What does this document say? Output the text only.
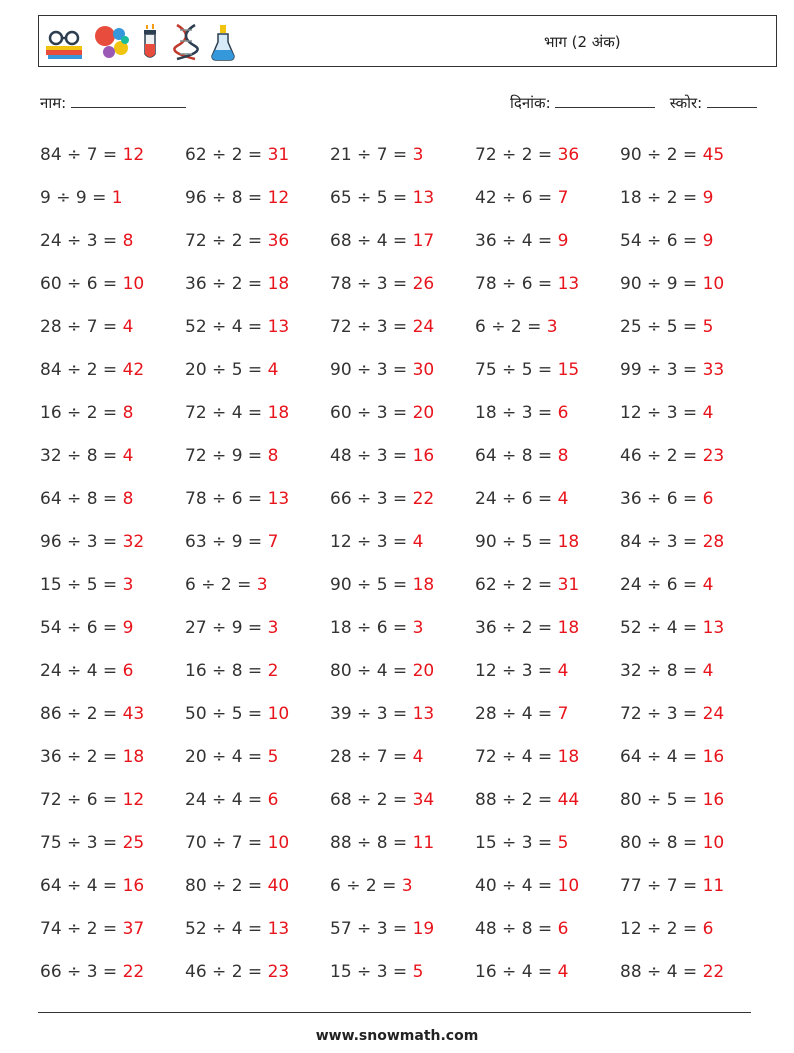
भाग (2 अंक)
नाम:	दिनांक:	स्कोर:
84 ÷ 7 = 12	62 ÷ 2 = 31	21 ÷ 7 = 3	72 ÷ 2 = 36	90 ÷ 2 = 45
9 ÷ 9 = 1	96 ÷ 8 = 12	65 ÷ 5 = 13	42 ÷ 6 = 7	18 ÷ 2 = 9
24 ÷ 3 = 8	72 ÷ 2 = 36	68 ÷ 4 = 17	36 ÷ 4 = 9	54 ÷ 6 = 9
60 ÷ 6 = 10	36 ÷ 2 = 18	78 ÷ 3 = 26	78 ÷ 6 = 13	90 ÷ 9 = 10
28 ÷ 7 = 4	52 ÷ 4 = 13	72 ÷ 3 = 24	6 ÷ 2 = 3	25 ÷ 5 = 5
84 ÷ 2 = 42	20 ÷ 5 = 4	90 ÷ 3 = 30	75 ÷ 5 = 15	99 ÷ 3 = 33
16 ÷ 2 = 8	72 ÷ 4 = 18	60 ÷ 3 = 20	18 ÷ 3 = 6	12 ÷ 3 = 4
32 ÷ 8 = 4	72 ÷ 9 = 8	48 ÷ 3 = 16	64 ÷ 8 = 8	46 ÷ 2 = 23
64 ÷ 8 = 8	78 ÷ 6 = 13	66 ÷ 3 = 22	24 ÷ 6 = 4	36 ÷ 6 = 6
96 ÷ 3 = 32	63 ÷ 9 = 7	12 ÷ 3 = 4	90 ÷ 5 = 18	84 ÷ 3 = 28
15 ÷ 5 = 3	6 ÷ 2 = 3	90 ÷ 5 = 18	62 ÷ 2 = 31	24 ÷ 6 = 4
54 ÷ 6 = 9	27 ÷ 9 = 3	18 ÷ 6 = 3	36 ÷ 2 = 18	52 ÷ 4 = 13
24 ÷ 4 = 6	16 ÷ 8 = 2	80 ÷ 4 = 20	12 ÷ 3 = 4	32 ÷ 8 = 4
86 ÷ 2 = 43	50 ÷ 5 = 10	39 ÷ 3 = 13	28 ÷ 4 = 7	72 ÷ 3 = 24
36 ÷ 2 = 18	20 ÷ 4 = 5	28 ÷ 7 = 4	72 ÷ 4 = 18	64 ÷ 4 = 16
72 ÷ 6 = 12	24 ÷ 4 = 6	68 ÷ 2 = 34	88 ÷ 2 = 44	80 ÷ 5 = 16
75 ÷ 3 = 25	70 ÷ 7 = 10	88 ÷ 8 = 11	15 ÷ 3 = 5	80 ÷ 8 = 10
64 ÷ 4 = 16	80 ÷ 2 = 40	6 ÷ 2 = 3	40 ÷ 4 = 10	77 ÷ 7 = 11
74 ÷ 2 = 37	52 ÷ 4 = 13	57 ÷ 3 = 19	48 ÷ 8 = 6	12 ÷ 2 = 6
66 ÷ 3 = 22	46 ÷ 2 = 23	15 ÷ 3 = 5	16 ÷ 4 = 4	88 ÷ 4 = 22
www.snowmath.com
